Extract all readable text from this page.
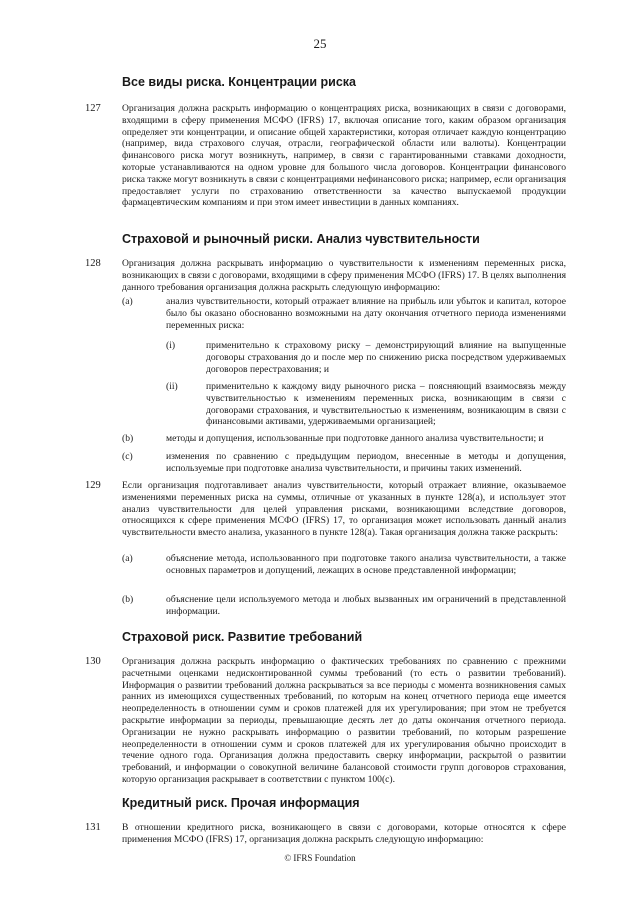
25
Все виды риска. Концентрации риска
127 Организация должна раскрыть информацию о концентрациях риска, возникающих в связи с договорами, входящими в сферу применения МСФО (IFRS) 17, включая описание того, каким образом организация определяет эти концентрации, и описание общей характеристики, которая отличает каждую концентрацию (например, вида страхового случая, отрасли, географической области или валюты). Концентрации финансового риска могут возникнуть, например, в связи с гарантированными ставками доходности, которые устанавливаются на одном уровне для большого числа договоров. Концентрации финансового риска также могут возникнуть в связи с концентрациями нефинансового риска; например, если организация предоставляет услуги по страхованию ответственности за качество выпускаемой продукции фармацевтическим компаниям и при этом имеет инвестиции в данных компаниях.
Страховой и рыночный риски. Анализ чувствительности
128 Организация должна раскрывать информацию о чувствительности к изменениям переменных риска, возникающих в связи с договорами, входящими в сферу применения МСФО (IFRS) 17. В целях выполнения данного требования организация должна раскрыть следующую информацию:
(a)	анализ чувствительности, который отражает влияние на прибыль или убыток и капитал, которое было бы оказано обоснованно возможными на дату окончания отчетного периода изменениями переменных риска:
(i)	применительно к страховому риску – демонстрирующий влияние на выпущенные договоры страхования до и после мер по снижению риска посредством удерживаемых договоров перестрахования; и
(ii)	применительно к каждому виду рыночного риска – поясняющий взаимосвязь между чувствительностью к изменениям переменных риска, возникающим в связи с договорами страхования, и чувствительностью к изменениям, возникающим в связи с финансовыми активами, удерживаемыми организацией;
(b)	методы и допущения, использованные при подготовке данного анализа чувствительности; и
(c)	изменения по сравнению с предыдущим периодом, внесенные в методы и допущения, используемые при подготовке анализа чувствительности, и причины таких изменений.
129 Если организация подготавливает анализ чувствительности, который отражает влияние, оказываемое изменениями переменных риска на суммы, отличные от указанных в пункте 128(a), и использует этот анализ чувствительности для целей управления рисками, возникающими вследствие договоров, относящихся к сфере применения МСФО (IFRS) 17, то организация может использовать данный анализ чувствительности вместо анализа, указанного в пункте 128(a). Такая организация должна также раскрыть:
(a)	объяснение метода, использованного при подготовке такого анализа чувствительности, а также основных параметров и допущений, лежащих в основе представленной информации;
(b)	объяснение цели используемого метода и любых вызванных им ограничений в представленной информации.
Страховой риск. Развитие требований
130 Организация должна раскрыть информацию о фактических требованиях по сравнению с прежними расчетными оценками недисконтированной суммы требований (то есть о развитии требований). Информация о развитии требований должна раскрываться за все периоды с момента возникновения самых ранних из имеющихся существенных требований, по которым на конец отчетного периода еще имеется неопределенность в отношении сумм и сроков платежей для их урегулирования; при этом не требуется раскрытие информации за периоды, превышающие десять лет до даты окончания отчетного периода. Организации не нужно раскрывать информацию о развитии требований, по которым разрешение неопределенности в отношении сумм и сроков платежей для их урегулирования обычно происходит в течение одного года. Организация должна предоставить сверку информации, раскрытой о развитии требований, и информации о совокупной величине балансовой стоимости групп договоров страхования, которую организация раскрывает в соответствии с пунктом 100(c).
Кредитный риск. Прочая информация
131 В отношении кредитного риска, возникающего в связи с договорами, которые относятся к сфере применения МСФО (IFRS) 17, организация должна раскрыть следующую информацию:
© IFRS Foundation
